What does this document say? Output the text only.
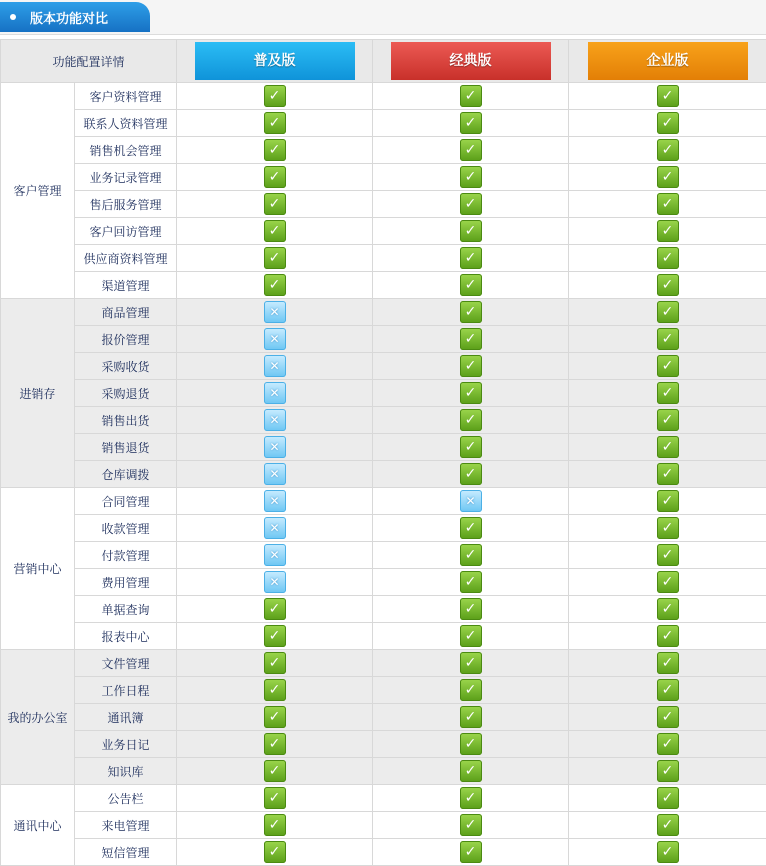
版本功能对比
功能配置详情		普及版	经典版	企业版
客户管理	客户资料管理	✓	✓	✓

	联系人资料管理	✓	✓	✓

	销售机会管理	✓	✓	✓

	业务记录管理	✓	✓	✓

	售后服务管理	✓	✓	✓

	客户回访管理	✓	✓	✓

	供应商资料管理	✓	✓	✓

	渠道管理	✓	✓	✓

进销存	商品管理	✕	✓	✓

	报价管理	✕	✓	✓

	采购收货	✕	✓	✓

	采购退货	✕	✓	✓

	销售出货	✕	✓	✓

	销售退货	✕	✓	✓

	仓库调拨	✕	✓	✓

营销中心	合同管理	✕	✕	✓

	收款管理	✕	✓	✓

	付款管理	✕	✓	✓

	费用管理	✕	✓	✓

	单据查询	✓	✓	✓

	报表中心	✓	✓	✓

我的办公室	文件管理	✓	✓	✓

	工作日程	✓	✓	✓

	通讯簿	✓	✓	✓

	业务日记	✓	✓	✓

	知识库	✓	✓	✓

通讯中心	公告栏	✓	✓	✓

	来电管理	✓	✓	✓

	短信管理	✓	✓	✓
